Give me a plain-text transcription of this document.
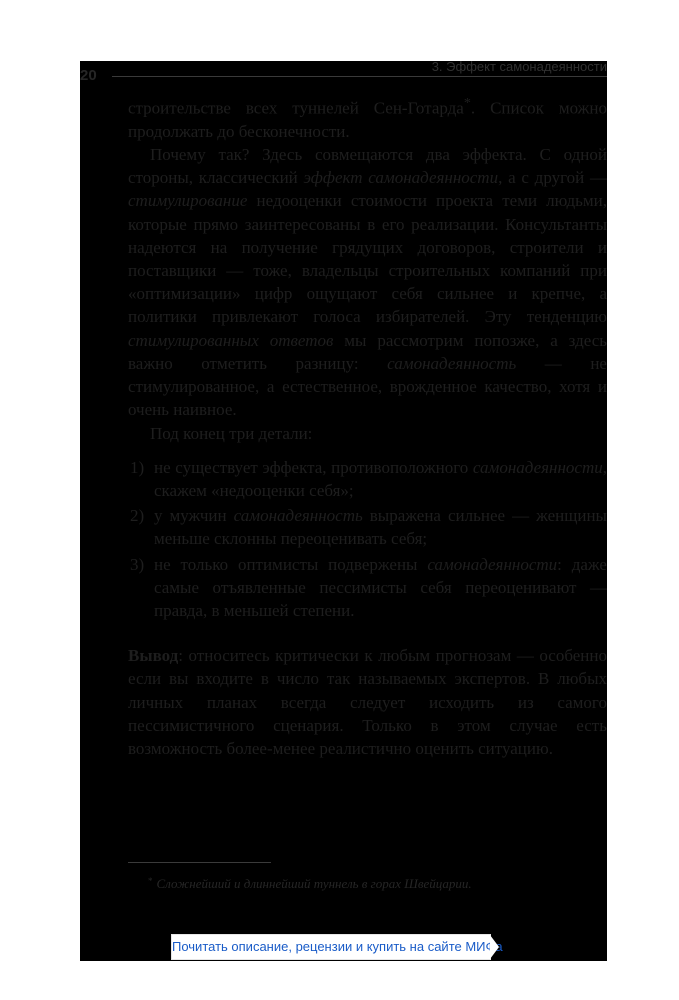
20
3. Эффект самонадеянности

строительстве всех туннелей Сен-Готарда*. Список можно продолжать до бесконечности.

Почему так? Здесь совмещаются два эффекта. С одной стороны, классический эффект самонадеянности, а с другой — стимулирование недооценки стоимости проекта теми людьми, которые прямо заинтересованы в его реализации. Консультанты надеются на получение грядущих договоров, строители и поставщики — тоже, владельцы строительных компаний при «оптимизации» цифр ощущают себя сильнее и крепче, а политики привлекают голоса избирателей. Эту тенденцию стимулированных ответов мы рассмотрим попозже, а здесь важно отметить разницу: самонадеянность — не стимулированное, а естественное, врожденное качество, хотя и очень наивное.

Под конец три детали:

1) не существует эффекта, противоположного самонадеянности, скажем «недооценки себя»;
2) у мужчин самонадеянность выражена сильнее — женщины меньше склонны переоценивать себя;
3) не только оптимисты подвержены самонадеянности: даже самые отъявленные пессимисты себя переоценивают — правда, в меньшей степени.

Вывод: относитесь критически к любым прогнозам — особенно если вы входите в число так называемых экспертов. В любых личных планах всегда следует исходить из самого пессимистичного сценария. Только в этом случае есть возможность более-менее реалистично оценить ситуацию.

* Сложнейший и длиннейший туннель в горах Швейцарии.
Почитать описание, рецензии и купить на сайте МИФа
